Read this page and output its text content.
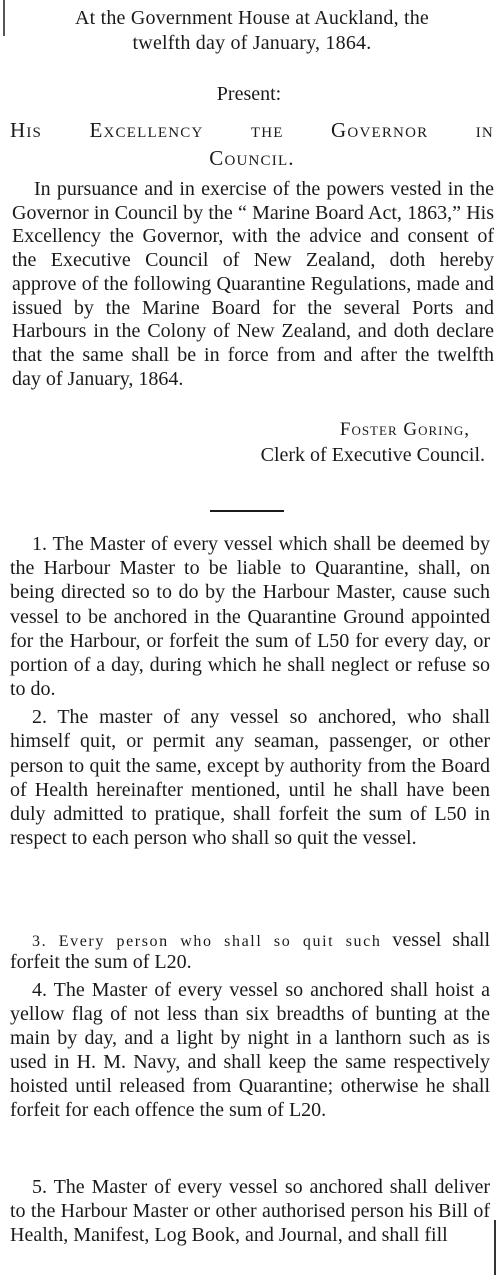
At the Government House at Auckland, the
twelfth day of January, 1864.
Present:
His Excellency the Governor in
Council.
In pursuance and in exercise of the powers vested in the Governor in Council by the “ Marine Board Act, 1863,” His Excellency the Governor, with the advice and consent of the Executive Council of New Zealand, doth hereby approve of the following Quarantine Regulations, made and issued by the Marine Board for the several Ports and Harbours in the Colony of New Zealand, and doth declare that the same shall be in force from and after the twelfth day of January, 1864.
Foster Goring,
Clerk of Executive Council.
1. The Master of every vessel which shall be deemed by the Harbour Master to be liable to Quarantine, shall, on being directed so to do by the Harbour Master, cause such vessel to be anchored in the Quarantine Ground appointed for the Harbour, or forfeit the sum of L50 for every day, or portion of a day, during which he shall neglect or refuse so to do.
2. The master of any vessel so anchored, who shall himself quit, or permit any seaman, passenger, or other person to quit the same, except by authority from the Board of Health hereinafter mentioned, until he shall have been duly admitted to pratique, shall forfeit the sum of L50 in respect to each person who shall so quit the vessel.
3. Every person who shall so quit such vessel shall forfeit the sum of L20.
4. The Master of every vessel so anchored shall hoist a yellow flag of not less than six breadths of bunting at the main by day, and a light by night in a lanthorn such as is used in H. M. Navy, and shall keep the same respectively hoisted until released from Quarantine; otherwise he shall forfeit for each offence the sum of L20.
5. The Master of every vessel so anchored shall deliver to the Harbour Master or other authorised person his Bill of Health, Manifest, Log Book, and Journal, and shall fill
